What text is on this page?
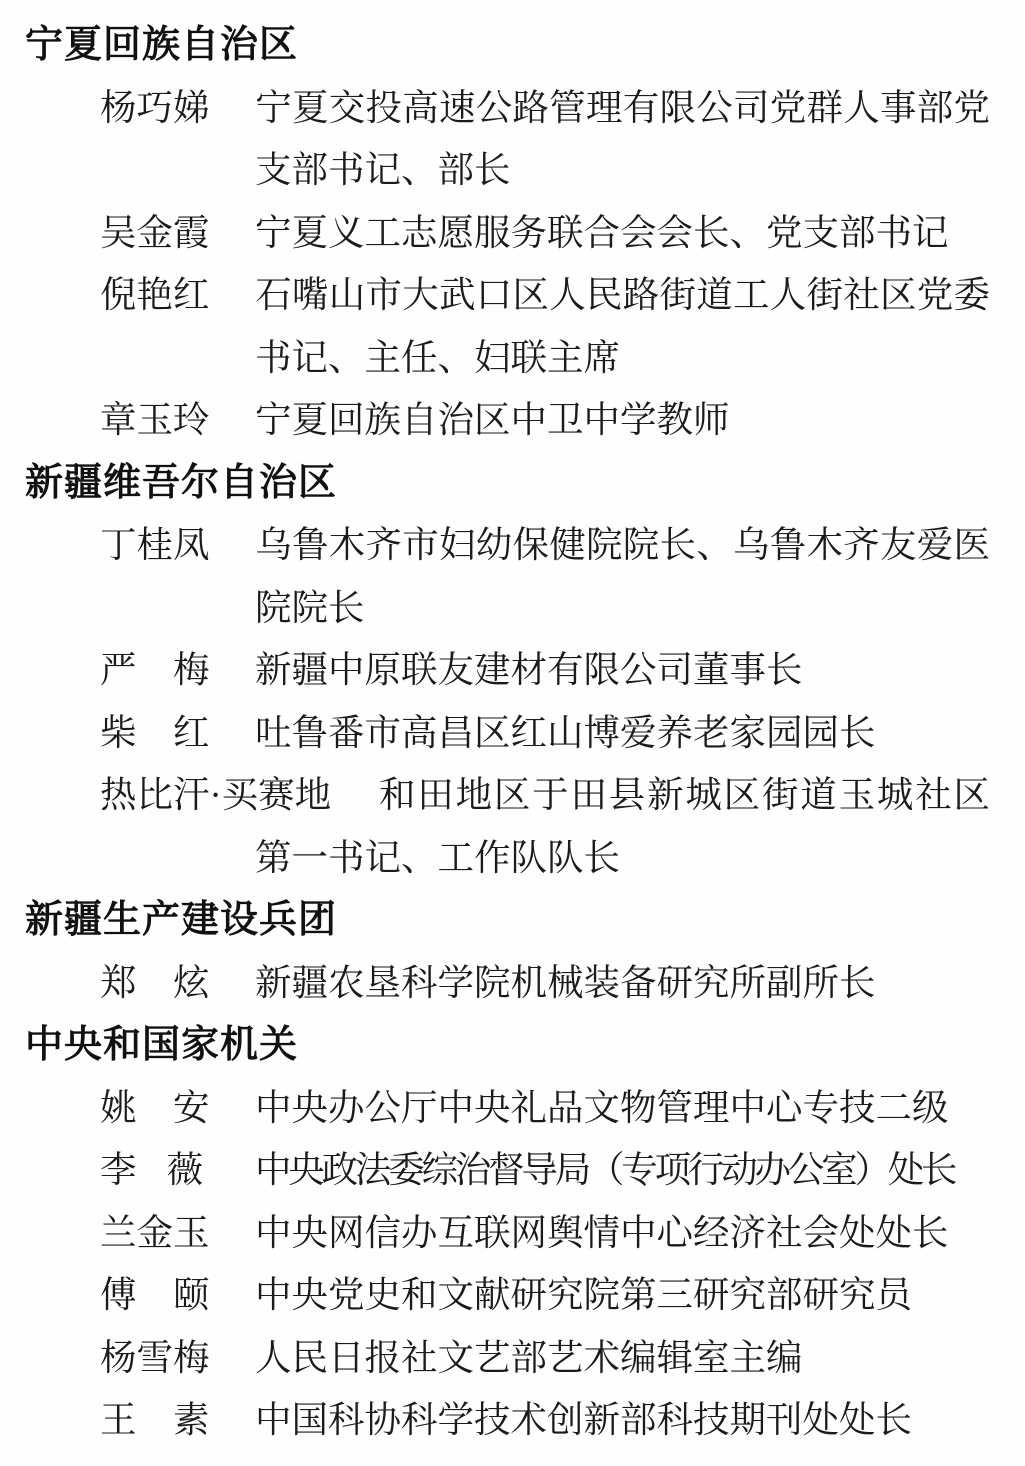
宁夏回族自治区

杨巧娣 宁夏交投高速公路管理有限公司党群人事部党支部书记、部长

吴金霞 宁夏义工志愿服务联合会会长、党支部书记

倪艳红 石嘴山市大武口区人民路街道工人街社区党委书记、主任、妇联主席

章玉玲 宁夏回族自治区中卫中学教师

新疆维吾尔自治区

丁桂凤 乌鲁木齐市妇幼保健院院长、乌鲁木齐友爱医院院长

严　梅 新疆中原联友建材有限公司董事长

柴　红 吐鲁番市高昌区红山博爱养老家园园长

热比汗·买赛地 和田地区于田县新城区街道玉城社区第一书记、工作队队长

新疆生产建设兵团

郑　炫 新疆农垦科学院机械装备研究所副所长

中央和国家机关

姚　安 中央办公厅中央礼品文物管理中心专技二级

李　薇 中央政法委综治督导局（专项行动办公室）处长

兰金玉 中央网信办互联网舆情中心经济社会处处长

傅　颐 中央党史和文献研究院第三研究部研究员

杨雪梅 人民日报社文艺部艺术编辑室主编

王　素 中国科协科学技术创新部科技期刊处处长
